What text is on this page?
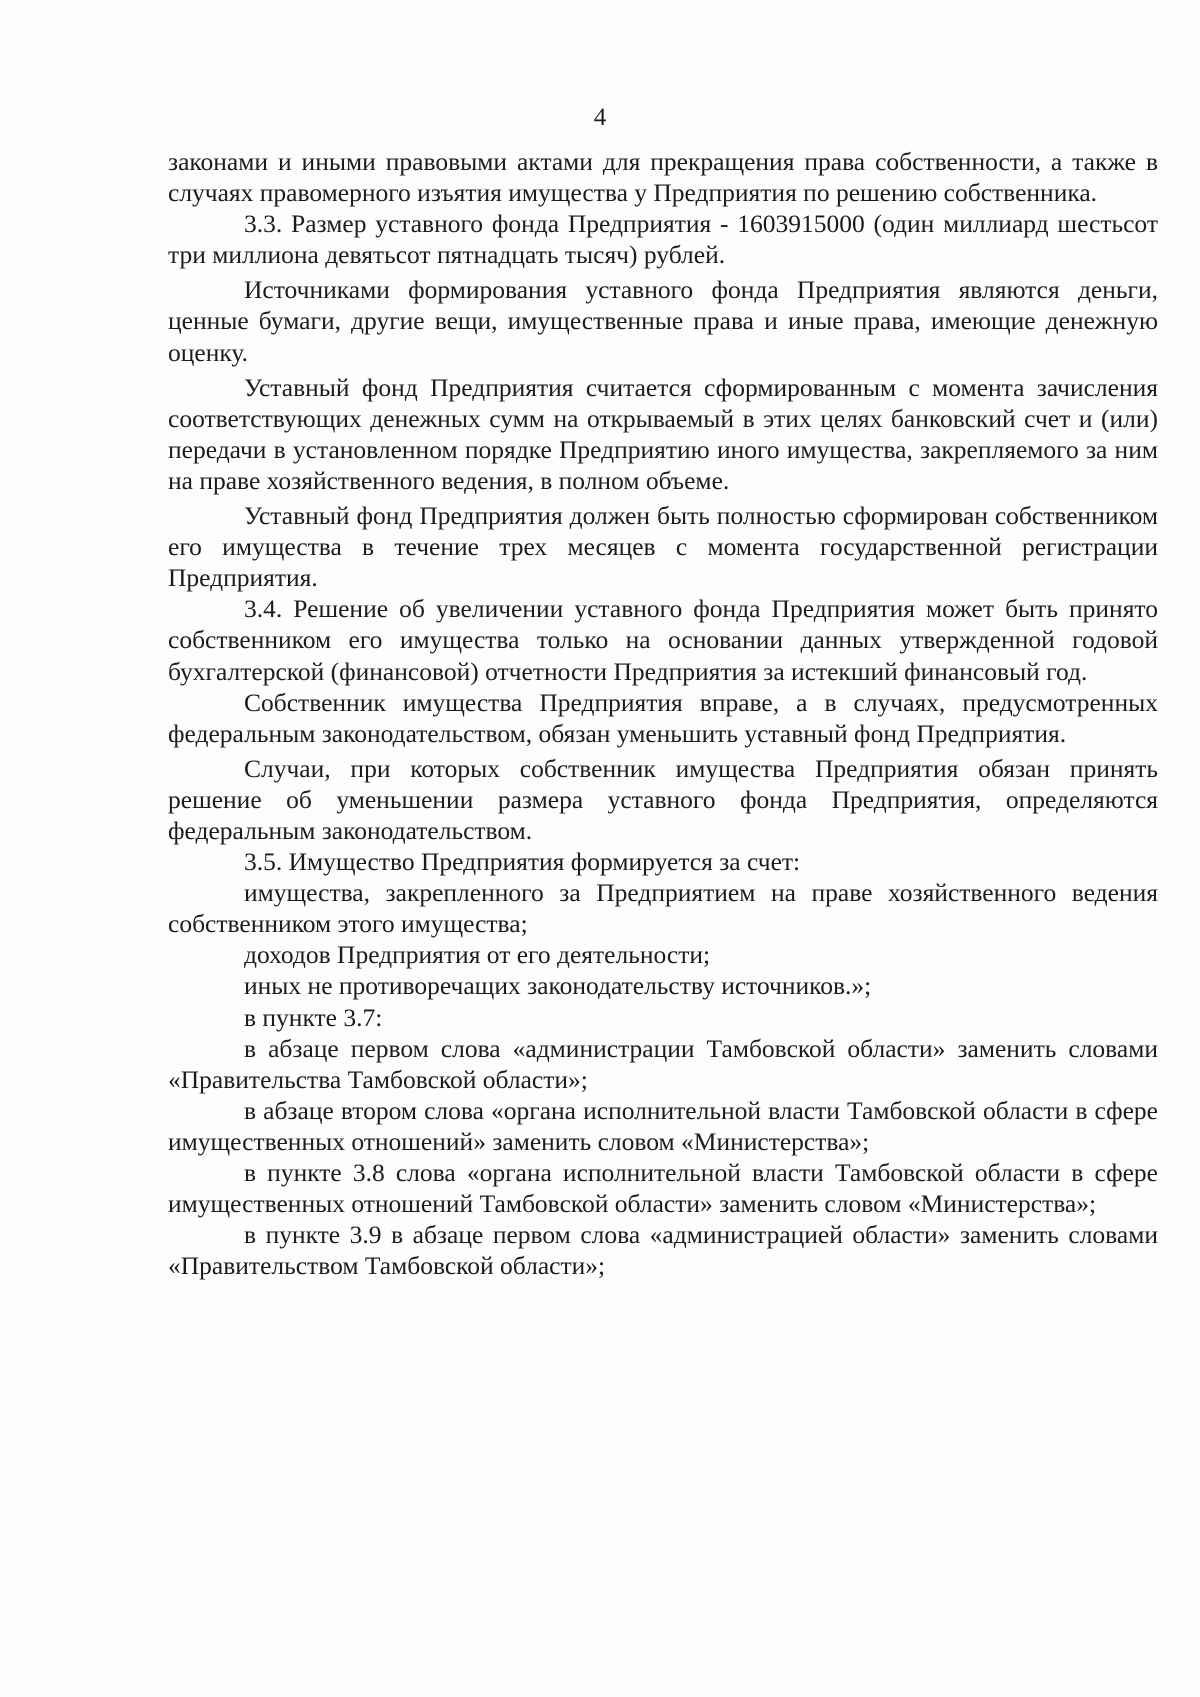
4

законами и иными правовыми актами для прекращения права собственности, а также в случаях правомерного изъятия имущества у Предприятия по решению собственника.

3.3. Размер уставного фонда Предприятия - 1603915000 (один миллиард шестьсот три миллиона девятьсот пятнадцать тысяч) рублей.

Источниками формирования уставного фонда Предприятия являются деньги, ценные бумаги, другие вещи, имущественные права и иные права, имеющие денежную оценку.

Уставный фонд Предприятия считается сформированным с момента зачисления соответствующих денежных сумм на открываемый в этих целях банковский счет и (или) передачи в установленном порядке Предприятию иного имущества, закрепляемого за ним на праве хозяйственного ведения, в полном объеме.

Уставный фонд Предприятия должен быть полностью сформирован собственником его имущества в течение трех месяцев с момента государственной регистрации Предприятия.

3.4. Решение об увеличении уставного фонда Предприятия может быть принято собственником его имущества только на основании данных утвержденной годовой бухгалтерской (финансовой) отчетности Предприятия за истекший финансовый год.

Собственник имущества Предприятия вправе, а в случаях, предусмотренных федеральным законодательством, обязан уменьшить уставный фонд Предприятия.

Случаи, при которых собственник имущества Предприятия обязан принять решение об уменьшении размера уставного фонда Предприятия, определяются федеральным законодательством.

3.5. Имущество Предприятия формируется за счет:

имущества, закрепленного за Предприятием на праве хозяйственного ведения собственником этого имущества;

доходов Предприятия от его деятельности;

иных не противоречащих законодательству источников.»;

в пункте 3.7:

в абзаце первом слова «администрации Тамбовской области» заменить словами «Правительства Тамбовской области»;

в абзаце втором слова «органа исполнительной власти Тамбовской области в сфере имущественных отношений» заменить словом «Министерства»;

в пункте 3.8 слова «органа исполнительной власти Тамбовской области в сфере имущественных отношений Тамбовской области» заменить словом «Министерства»;

в пункте 3.9 в абзаце первом слова «администрацией области» заменить словами «Правительством Тамбовской области»;
